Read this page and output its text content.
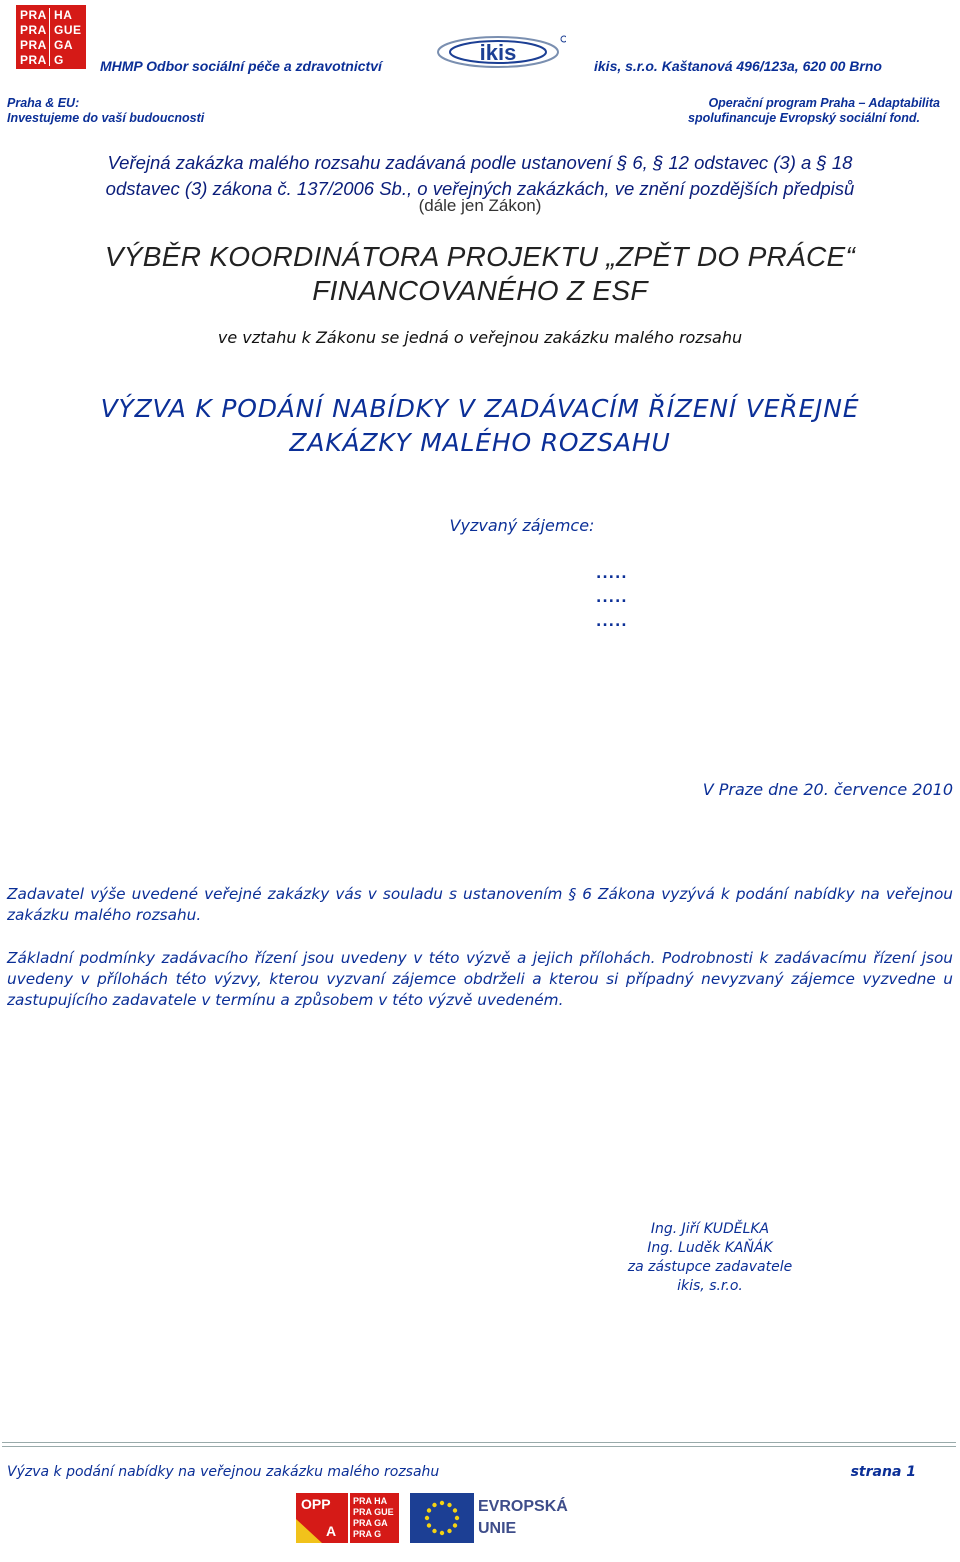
PRA  HA
PRA  GUE
PRA  GA
PRA  G	MHMP Odbor sociální péče a zdravotnictví
ikis
ikis, s.r.o. Kaštanová 496/123a, 620 00 Brno
Praha & EU:
Investujeme do vaší budoucnosti
Operační program Praha – Adaptabilita
spolufinancuje Evropský sociální fond.
Veřejná zakázka malého rozsahu zadávaná podle ustanovení § 6, § 12 odstavec (3) a § 18
odstavec (3) zákona č. 137/2006 Sb., o veřejných zakázkách, ve znění pozdějších předpisů
(dále jen Zákon)
VÝBĚR KOORDINÁTORA PROJEKTU „ZPĚT DO PRÁCE“
FINANCOVANÉHO Z ESF
ve vztahu k Zákonu se jedná o veřejnou zakázku malého rozsahu
VÝZVA K PODÁNÍ NABÍDKY V ZADÁVACÍM ŘÍZENÍ VEŘEJNÉ
ZAKÁZKY MALÉHO ROZSAHU
Vyzvaný zájemce:
.....
.....
.....
V Praze dne 20. července 2010
Zadavatel výše uvedené veřejné zakázky vás v souladu s ustanovením § 6 Zákona vyzývá k podání nabídky na veřejnou zakázku malého rozsahu.
Základní podmínky zadávacího řízení jsou uvedeny v této výzvě a jejich přílohách. Podrobnosti k zadávacímu řízení jsou uvedeny v přílohách této výzvy, kterou vyzvaní zájemce obdrželi a kterou si případný nevyzvaný zájemce vyzvedne u zastupujícího zadavatele v termínu a způsobem v této výzvě uvedeném.
Ing. Jiří KUDĚLKA
Ing. Luděk KAŇÁK
za zástupce zadavatele
ikis, s.r.o.
Výzva k podání nabídky na veřejnou zakázku malého rozsahu	strana 1
OPP
A
PRA HA
PRA GUE
PRA GA
PRA G
EVROPSKÁ
UNIE
